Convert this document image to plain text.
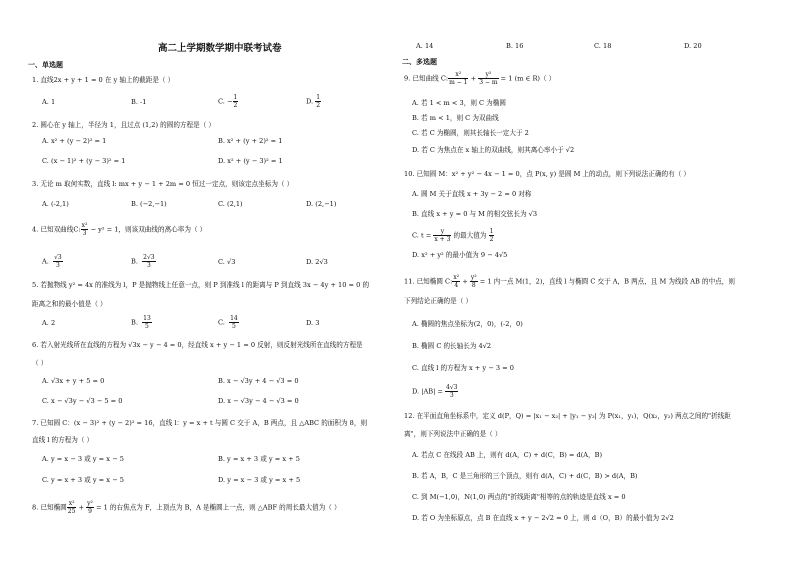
高二上学期数学期中联考试卷
一、单选题
1. 直线2x + y + 1 = 0 在 y 轴上的截距是（ ）
A. 1	B. -1	C. − $\frac{1}{2}$	D. $\frac{1}{2}$
2. 圆心在 y 轴上，半径为 1，且过点 (1,2) 的圆的方程是（ ）
A. x² + (y − 2)² = 1	B. x² + (y + 2)² = 1
C. (x − 1)² + (y − 3)² = 1	D. x² + (y − 3)² = 1
3. 无论 m 取何实数，直线 l: mx + y − 1 + 2m = 0 恒过一定点，则该定点坐标为（ ）
A. (-2,1)	B. (−2,−1)	C. (2,1)	D. (2,−1)
4. 已知双曲线C: $\frac{\text{x²}}{3} - y^2 = 1$，则该双曲线的离心率为（ ）
A. $\frac{√3}{3}$	B. $\frac{2√3}{3}$	C. √3	D. 2√3
5. 若抛物线 y² = 4x 的准线为 l，P 是抛物线上任意一点，则 P 到准线 l 的距离与 P 到直线 3x − 4y + 10 = 0 的
距离之和的最小值是（ ）
A. 2	B. $\frac{13}{5}$	C. $\frac{14}{5}$	D. 3
6. 若入射光线所在直线的方程为 √3x − y − 4 = 0，经直线 x + y − 1 = 0 反射，则反射光线所在直线的方程是
（ ）
A. √3x + y + 5 = 0	B. x − √3y + 4 − √3 = 0
C. x − √3y − √3 − 5 = 0	D. x − √3y − 4 − √3 = 0
7. 已知圆 C：(x − 3)² + (y − 2)² = 16，直线 l：y = x + t 与圆 C 交于 A，B 两点，且 △ABC 的面积为 8，则
直线 l 的方程为（ ）
A. y = x − 3 或 y = x − 5	B. y = x + 3 或 y = x + 5
C. y = x + 3 或 y = x − 5	D. y = x − 3 或 y = x + 5
8. 已知椭圆 $\frac{\text{x²}}{25} + \frac{\text{y²}}{9} = 1$ 的右焦点为 F，上顶点为 B，A 是椭圆上一点，则 △ABF 的周长最大值为（ ）
A. 14	B. 16	C. 18	D. 20
二、多选题
9. 已知曲线 C: $\frac{\text{x²}}{m - 1} + \frac{\text{y²}}{3 - m} = 1$ (m ∈ R)（ ）
A. 若 1 < m < 3，则 C 为椭圆
B. 若 m < 1，则 C 为双曲线
C. 若 C 为椭圆，则其长轴长一定大于 2
D. 若 C 为焦点在 x 轴上的双曲线，则其离心率小于 √2
10. 已知圆 M：x² + y² − 4x − 1 = 0，点 P(x, y) 是圆 M 上的动点，则下列说法正确的有（ ）
A. 圆 M 关于直线 x + 3y − 2 = 0 对称
B. 直线 x + y = 0 与 M 的相交弦长为 √3
C. $t = \frac{y}{x + 3}$ 的最大值为 $\frac{1}{2}$
D. x² + y² 的最小值为 9 − 4√5
11. 已知椭圆 C: $\frac{\text{x²}}{4} + \frac{\text{y²}}{8} = 1$ 内一点 M(1，2)，直线 l 与椭圆 C 交于 A，B 两点，且 M 为线段 AB 的中点，则
下列结论正确的是（ ）
A. 椭圆的焦点坐标为(2，0)，(-2，0)
B. 椭圆 C 的长轴长为 4√2
C. 直线 l 的方程为 x + y − 3 = 0
D. $|AB| = \frac{4√3}{3}$
12. 在平面直角坐标系中，定义 d(P，Q) = |x₁ − x₂| + |y₁ − y₂| 为 P(x₁，y₁)，Q(x₂，y₂) 两点之间的"折线距
离"，则下列说法中正确的是（ ）
A. 若点 C 在线段 AB 上，则有 d(A，C) + d(C，B) = d(A，B)
B. 若 A，B，C 是三角形的三个顶点，则有 d(A，C) + d(C，B) > d(A，B)
C. 到 M(−1,0)，N(1,0) 两点的"折线距离"相等的点的轨迹是直线 x = 0
D. 若 O 为坐标原点，点 B 在直线 x + y − 2√2 = 0 上，则 d（O，B）的最小值为 2√2
